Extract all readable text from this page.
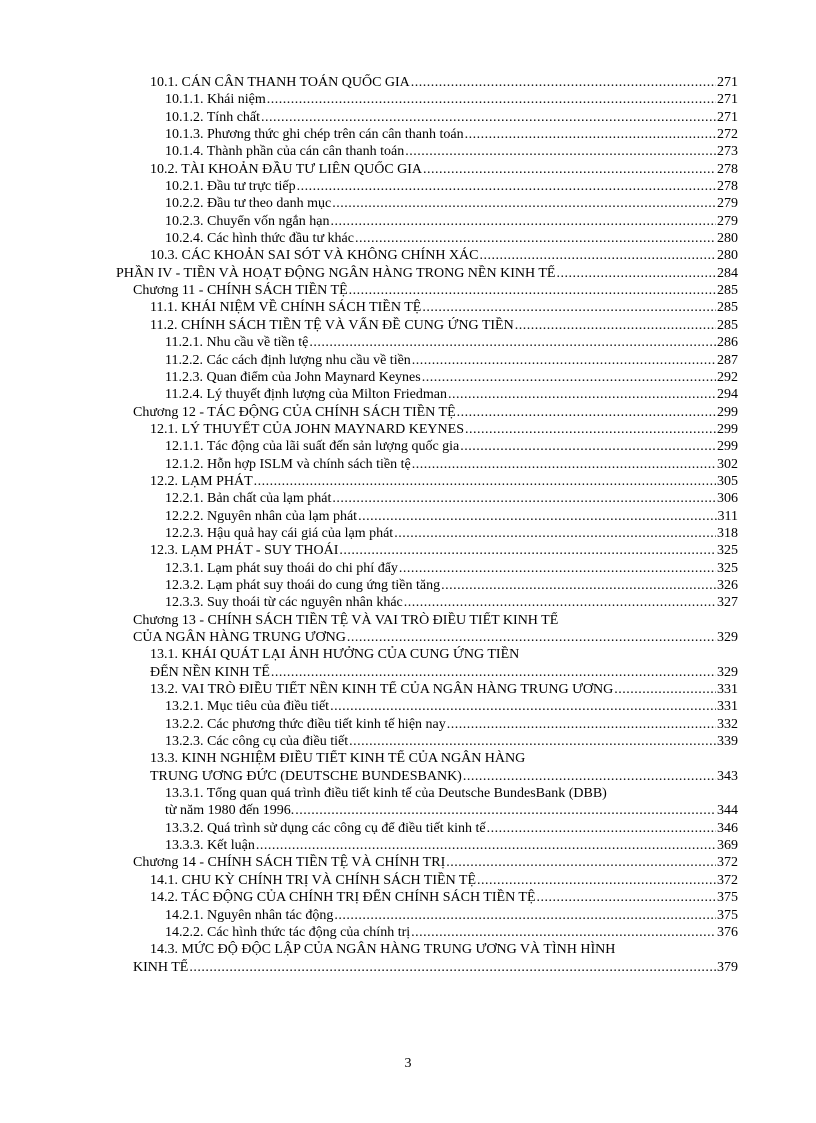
10.1. CÁN CÂN THANH TOÁN QUỐC GIA .....	271
10.1.1. Khái niệm .....	271
10.1.2. Tính chất .....	271
10.1.3. Phương thức ghi chép trên cán cân thanh toán .....	272
10.1.4. Thành phần của cán cân thanh toán .....	273
10.2. TÀI KHOẢN ĐẦU TƯ LIÊN QUỐC GIA .....	278
10.2.1. Đầu tư trực tiếp .....	278
10.2.2. Đầu tư theo danh mục .....	279
10.2.3. Chuyển vốn ngắn hạn .....	279
10.2.4. Các hình thức đầu tư khác .....	280
10.3. CÁC KHOẢN SAI SÓT VÀ KHÔNG CHÍNH XÁC .....	280
PHẦN IV - TIỀN VÀ HOẠT ĐỘNG NGÂN HÀNG TRONG NỀN KINH TẾ .....	284
Chương 11 - CHÍNH SÁCH TIỀN TỆ .....	285
11.1. KHÁI NIỆM VỀ CHÍNH SÁCH TIỀN TỆ .....	285
11.2. CHÍNH SÁCH TIỀN TỆ VÀ VẤN ĐỀ CUNG ỨNG TIỀN .....	285
11.2.1. Nhu cầu về tiền tệ .....	286
11.2.2. Các cách định lượng nhu cầu về tiền .....	287
11.2.3. Quan điểm của John Maynard Keynes .....	292
11.2.4. Lý thuyết định lượng của Milton Friedman .....	294
Chương 12 - TÁC ĐỘNG CỦA CHÍNH SÁCH TIỀN TỆ .....	299
12.1. LÝ THUYẾT CỦA JOHN MAYNARD KEYNES .....	299
12.1.1. Tác động của lãi suất đến sản lượng quốc gia .....	299
12.1.2. Hỗn hợp ISLM và chính sách tiền tệ .....	302
12.2. LẠM PHÁT .....	305
12.2.1. Bản chất của lạm phát .....	306
12.2.2. Nguyên nhân của lạm phát .....	311
12.2.3. Hậu quả hay cái giá của lạm phát .....	318
12.3. LẠM PHÁT - SUY THOÁI .....	325
12.3.1. Lạm phát suy thoái do chi phí đẩy .....	325
12.3.2. Lạm phát suy thoái do cung ứng tiền tăng .....	326
12.3.3. Suy thoái từ các nguyên nhân khác .....	327
Chương 13 - CHÍNH SÁCH TIỀN TỆ VÀ VAI TRÒ ĐIỀU TIẾT KINH TẾ
CỦA NGÂN HÀNG TRUNG ƯƠNG .....	329
13.1. KHÁI QUÁT LẠI ẢNH HƯỞNG CỦA CUNG ỨNG TIỀN
ĐẾN NỀN KINH TẾ .....	329
13.2. VAI TRÒ ĐIỀU TIẾT NỀN KINH TẾ CỦA NGÂN HÀNG TRUNG ƯƠNG .....	331
13.2.1. Mục tiêu của điều tiết .....	331
13.2.2. Các phương thức điều tiết kinh tế hiện nay .....	332
13.2.3. Các công cụ của điều tiết .....	339
13.3. KINH NGHIỆM ĐIỀU TIẾT KINH TẾ CỦA NGÂN HÀNG
TRUNG ƯƠNG ĐỨC (DEUTSCHE BUNDESBANK) .....	343
13.3.1. Tổng quan quá trình điều tiết kinh tế của Deutsche BundesBank (DBB)
từ năm 1980 đến 1996. .....	344
13.3.2. Quá trình sử dụng các công cụ để điều tiết kinh tế .....	346
13.3.3. Kết luận .....	369
Chương 14 - CHÍNH SÁCH TIỀN TỆ VÀ CHÍNH TRỊ .....	372
14.1. CHU KỲ CHÍNH TRỊ VÀ CHÍNH SÁCH TIỀN TỆ .....	372
14.2. TÁC ĐỘNG CỦA CHÍNH TRỊ ĐẾN CHÍNH SÁCH TIỀN TỆ .....	375
14.2.1. Nguyên nhân tác động .....	375
14.2.2. Các hình thức tác động của chính trị .....	376
14.3. MỨC ĐỘ ĐỘC LẬP CỦA NGÂN HÀNG TRUNG ƯƠNG VÀ TÌNH HÌNH
KINH TẾ .....	379
3
